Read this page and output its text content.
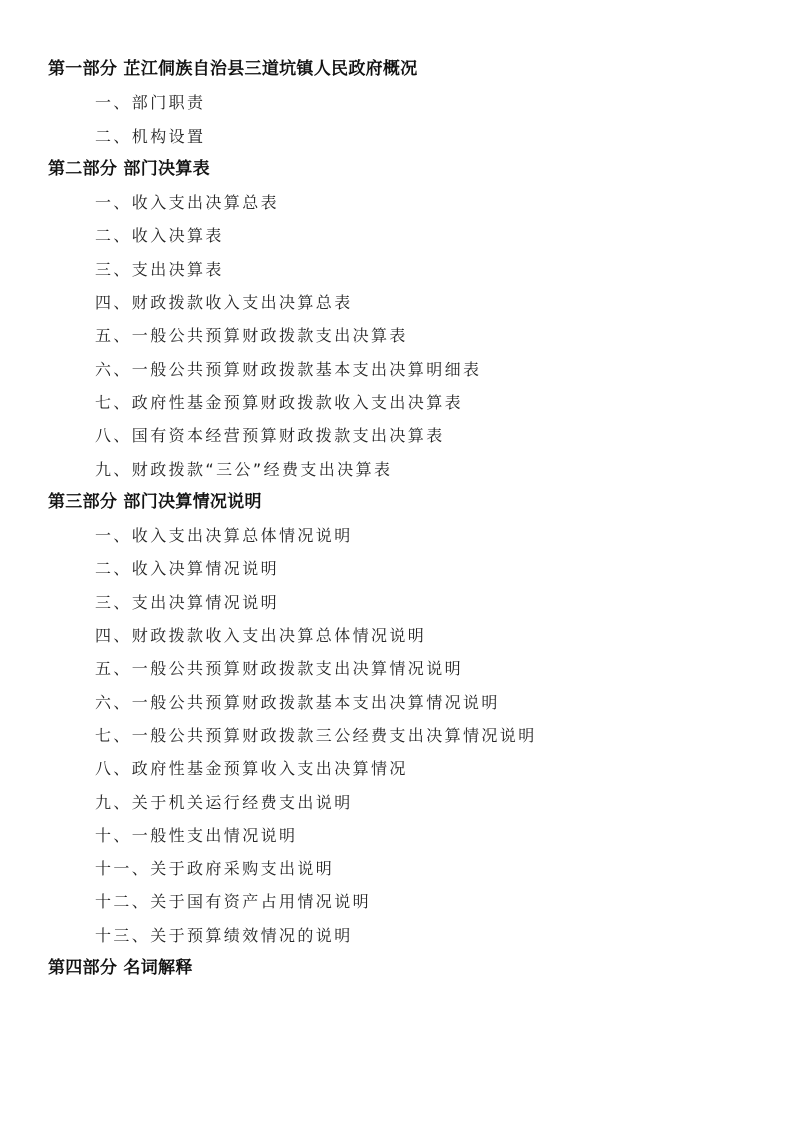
第一部分 芷江侗族自治县三道坑镇人民政府概况
一、部门职责
二、机构设置
第二部分 部门决算表
一、收入支出决算总表
二、收入决算表
三、支出决算表
四、财政拨款收入支出决算总表
五、一般公共预算财政拨款支出决算表
六、一般公共预算财政拨款基本支出决算明细表
七、政府性基金预算财政拨款收入支出决算表
八、国有资本经营预算财政拨款支出决算表
九、财政拨款“三公”经费支出决算表
第三部分 部门决算情况说明
一、收入支出决算总体情况说明
二、收入决算情况说明
三、支出决算情况说明
四、财政拨款收入支出决算总体情况说明
五、一般公共预算财政拨款支出决算情况说明
六、一般公共预算财政拨款基本支出决算情况说明
七、一般公共预算财政拨款三公经费支出决算情况说明
八、政府性基金预算收入支出决算情况
九、关于机关运行经费支出说明
十、一般性支出情况说明
十一、关于政府采购支出说明
十二、关于国有资产占用情况说明
十三、关于预算绩效情况的说明
第四部分 名词解释
